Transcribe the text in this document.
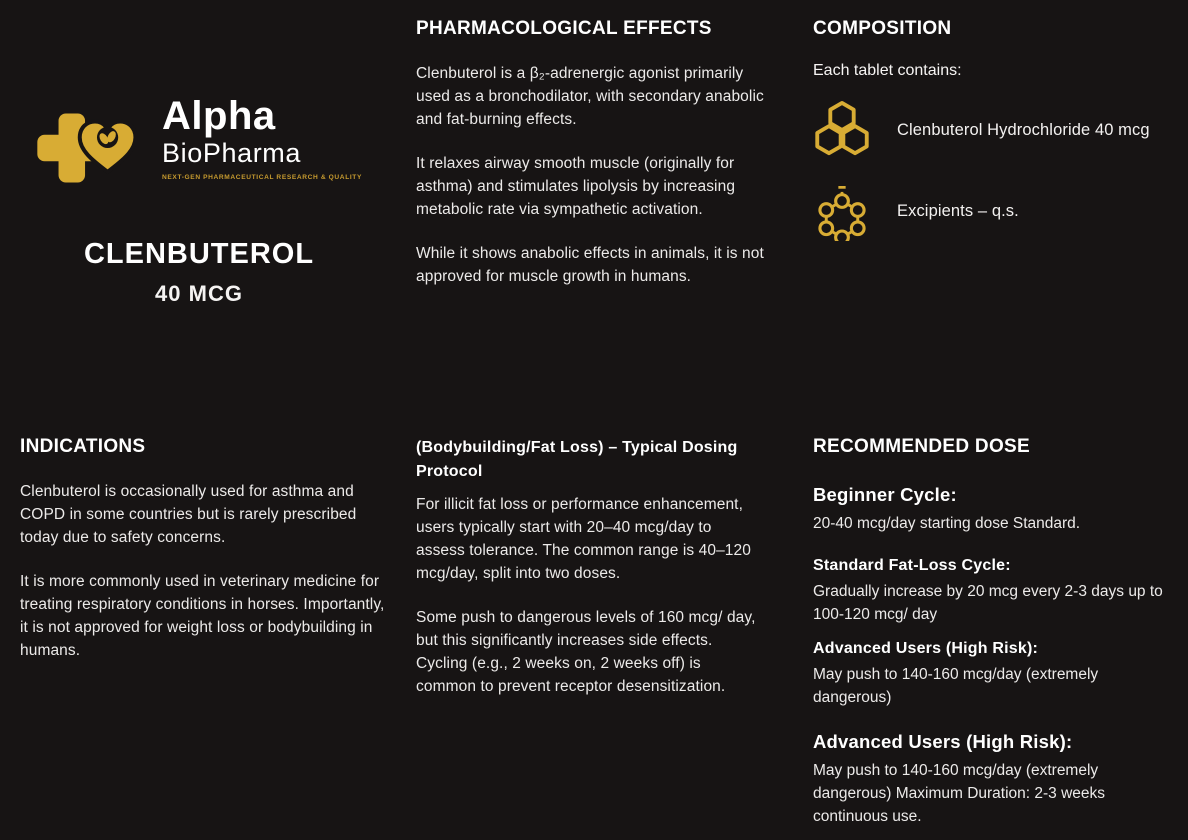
Alpha
BioPharma
NEXT-GEN PHARMACEUTICAL RESEARCH & QUALITY
CLENBUTEROL
40 MCG
PHARMACOLOGICAL EFFECTS

Clenbuterol is a β₂-adrenergic agonist primarily used as a bronchodilator, with secondary anabolic and fat-burning effects.

It relaxes airway smooth muscle (originally for asthma) and stimulates lipolysis by increasing metabolic rate via sympathetic activation.

While it shows anabolic effects in animals, it is not approved for muscle growth in humans.

COMPOSITION

Each tablet contains:

Clenbuterol Hydrochloride 40 mcg
Excipients – q.s.
INDICATIONS

Clenbuterol is occasionally used for asthma and COPD in some countries but is rarely prescribed today due to safety concerns.

It is more commonly used in veterinary medicine for treating respiratory conditions in horses. Importantly, it is not approved for weight loss or bodybuilding in humans.

(Bodybuilding/Fat Loss) – Typical Dosing Protocol

For illicit fat loss or performance enhancement, users typically start with 20–40 mcg/day to assess tolerance. The common range is 40–120 mcg/day, split into two doses.

Some push to dangerous levels of 160 mcg/ day, but this significantly increases side effects. Cycling (e.g., 2 weeks on, 2 weeks off) is common to prevent receptor desensitization.

RECOMMENDED DOSE
Beginner Cycle:
20-40 mcg/day starting dose Standard.
Standard Fat-Loss Cycle:
Gradually increase by 20 mcg every 2-3 days up to 100-120 mcg/ day
Advanced Users (High Risk):
May push to 140-160 mcg/day (extremely dangerous)
Advanced Users (High Risk):
May push to 140-160 mcg/day (extremely dangerous) Maximum Duration: 2-3 weeks continuous use.
